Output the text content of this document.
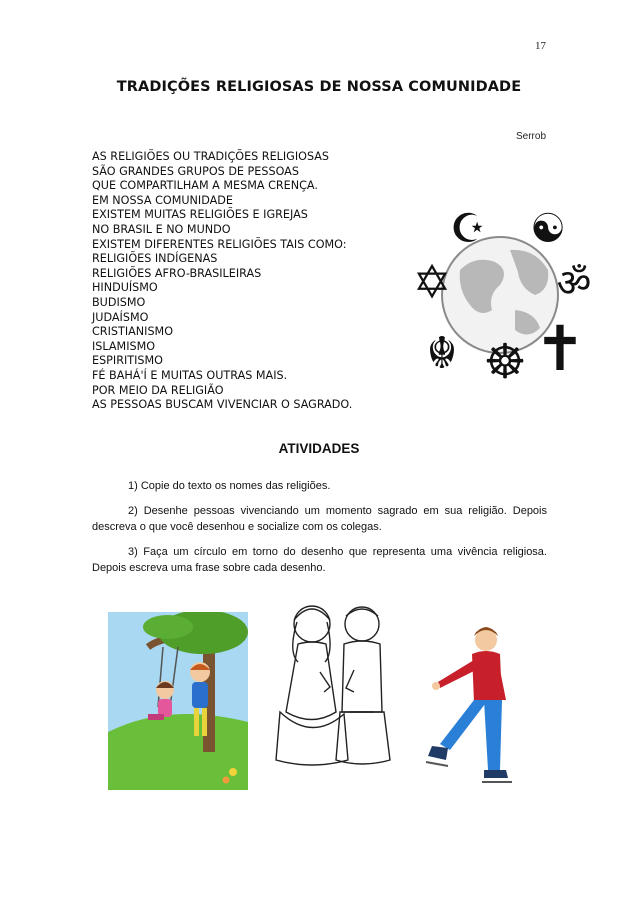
17
TRADIÇÕES RELIGIOSAS DE NOSSA COMUNIDADE
Serrob
AS RELIGIÕES OU TRADIÇÕES RELIGIOSAS
SÃO GRANDES GRUPOS DE PESSOAS
QUE COMPARTILHAM A MESMA CRENÇA.
EM NOSSA COMUNIDADE
EXISTEM MUITAS RELIGIÕES E IGREJAS
NO BRASIL E NO MUNDO
EXISTEM DIFERENTES RELIGIÕES TAIS COMO:
RELIGIÕES INDÍGENAS
RELIGIÕES AFRO-BRASILEIRAS
HINDUÍSMO
BUDISMO
JUDAÍSMO
CRISTIANISMO
ISLAMISMO
ESPIRITISMO
FÉ BAHÁ'Í E MUITAS OUTRAS MAIS.
POR MEIO DA RELIGIÃO
AS PESSOAS BUSCAM VIVENCIAR O SAGRADO.
☪ ☯
✡	ॐ
☬ ☸ ✝
ATIVIDADES
1) Copie do texto os nomes das religiões.
2) Desenhe pessoas vivenciando um momento sagrado em sua religião. Depois descreva o que você desenhou e socialize com os colegas.
3) Faça um círculo em torno do desenho que representa uma vivência religiosa. Depois escreva uma frase sobre cada desenho.
